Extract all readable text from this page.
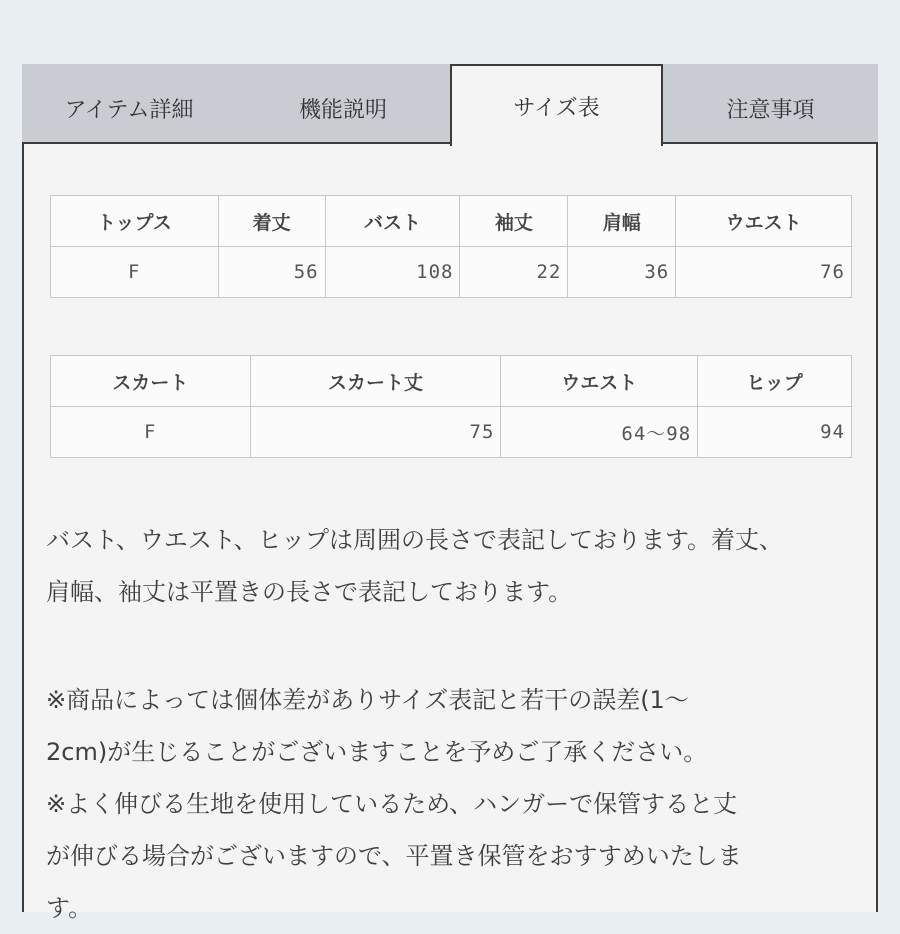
アイテム詳細	機能説明	サイズ表	注意事項
トップス	着丈	バスト	袖丈	肩幅	ウエスト
F	56	108	22	36	76
スカート	スカート丈	ウエスト	ヒップ
F	75	64〜98	94

バスト、ウエスト、ヒップは周囲の長さで表記しております。着丈、

肩幅、袖丈は平置きの長さで表記しております。

※商品によっては個体差がありサイズ表記と若干の誤差(1〜

2cm)が生じることがございますことを予めご了承ください。

※よく伸びる生地を使用しているため、ハンガーで保管すると丈

が伸びる場合がございますので、平置き保管をおすすめいたしま

す。
